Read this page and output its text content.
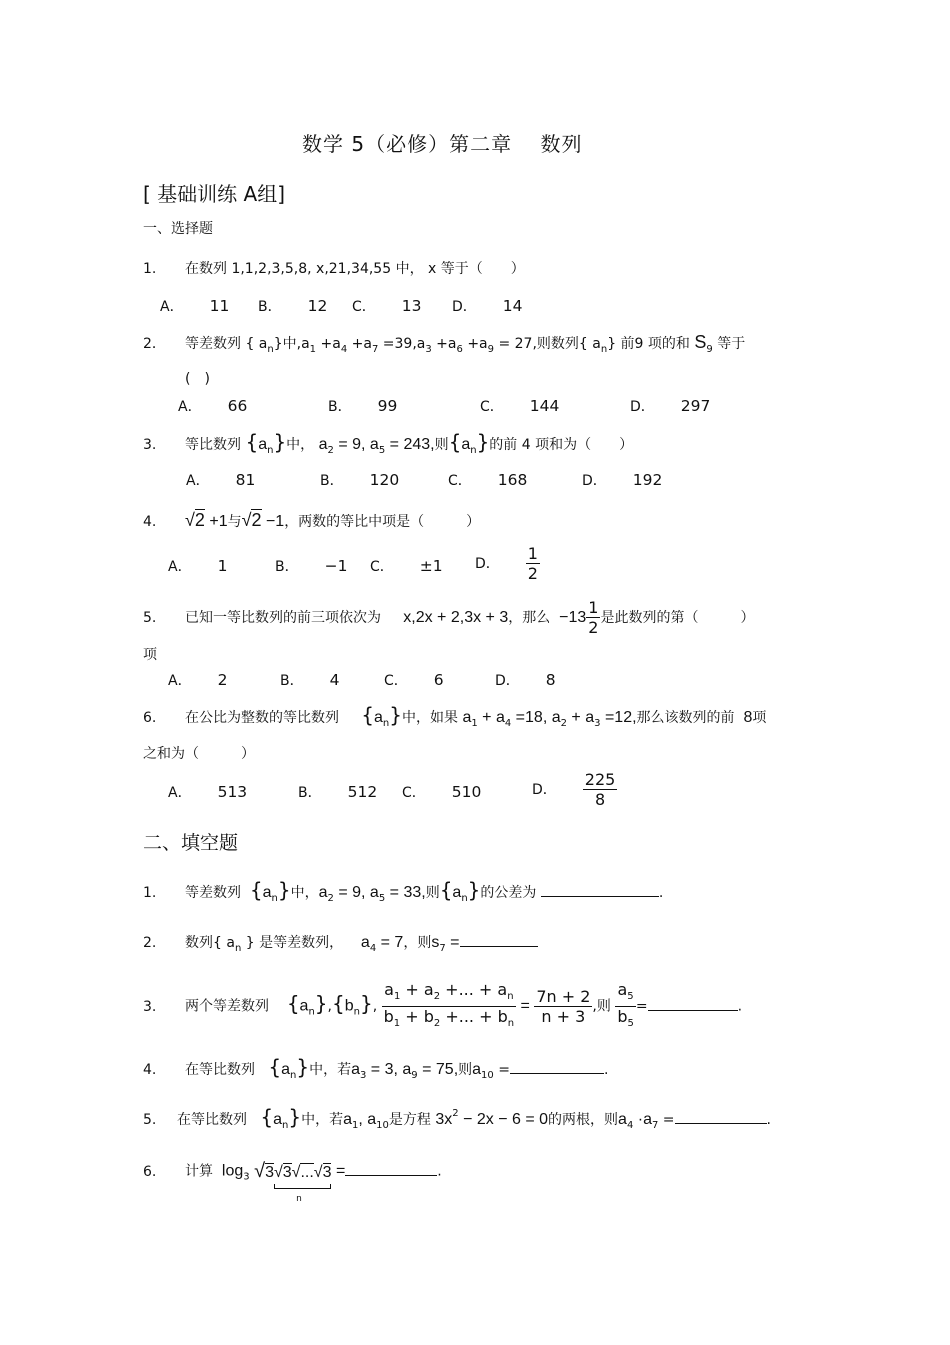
数学 5（必修）第二章　 数列
[ 基础训练 A组]
一、选择题
1. 在数列 1,1,2,3,5,8, x,21,34,55 中， x 等于（　　）
A． 11 B． 12 C． 13 D． 14
2． 等差数列 { $a_n$}中$,a_1 +a_4 +a_7 =39,a_3 +a_6 +a_9 = 27$,则数列{ $a_n$} 前9 项的和 $S_9$ 等于
(　)
A． 66	B． 99	C． 144	D． 297
3. 等比数列 $\{a_n\}$中， $a_2 = 9$, $a_5 = 243$,则$\{a_n\}$的前 4 项和为（　　）
A． 81	B． 120	C． 168	D． 192
4. √2 +1与√2 −1，两数的等比中项是（　　　）
A． 1	B． −1 C． ±1 D． $\frac{1}{2}$
5. 已知一等比数列的前三项依次为 x,2x + 2,3x + 3，那么 $-13 \frac{1}{2}$ 是此数列的第（　　　）
项
A． 2	B． 4	C． 6	D． 8
6. 在公比为整数的等比数列 $\{a_n\}$中，如果 $a_1 + a_4 =18$, $a_2 + a_3 =12$,那么该数列的前 8项
之和为（　　　）
A． 513	B． 512 C． 510	D． $\frac{225}{8}$
二、填空题
1. 等差数列 $\{a_n\}$中，$a_2 = 9$, $a_5 = 33$,则$\{a_n\}$的公差为	.
2. 数列{ $a_n$ } 是等差数列， $a_4 = 7$，则$s_7$ =
3. 两个等差数列 $\{a_n\},\{b_n\}$, $\frac{a_1 + a_2 +... + a_n}{b_1 + b_2 +... + b_n} = \frac{7n + 2}{n + 3}$ ,则 $\frac{a_5}{b_5}$ =	.
4. 在等比数列 $\{a_n\}$中，若$a_3 = 3$, $a_9 = 75$,则$a_{10}$ =	.
5. 在等比数列 $\{a_n\}$中，若$a_1$, $a_{10}$是方程 $3x^2 - 2x - 6 = 0$的两根，则$a_4 \cdot a_7$ =	.
6. 计算 $\log_3 √3√3√...√3$
n
=	.
